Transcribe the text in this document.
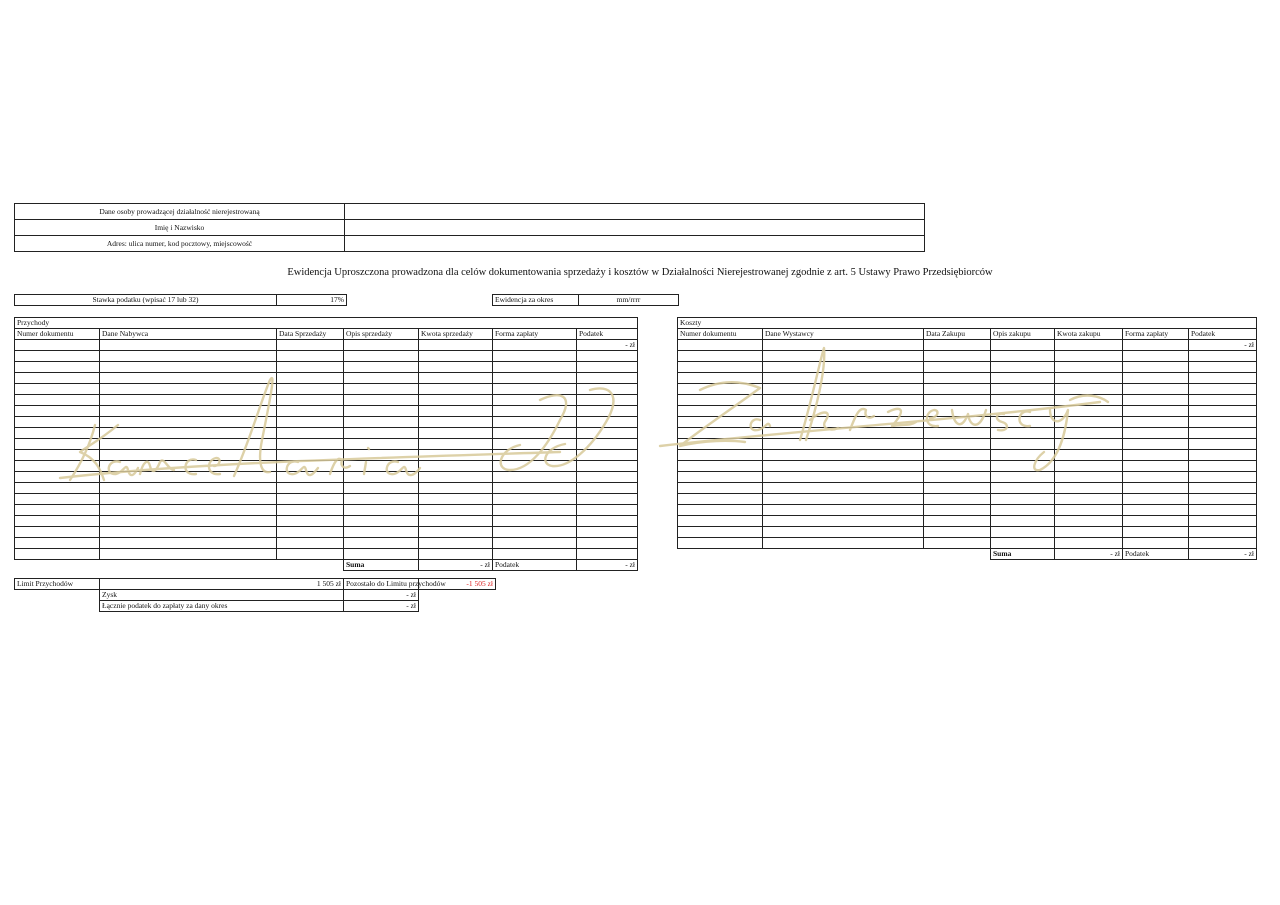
Dane osoby prowadzącej działalność nierejestrowaną	
Imię i Nazwisko	
Adres: ulica numer, kod pocztowy, miejscowość	
Ewidencja Uproszczona prowadzona dla celów dokumentowania sprzedaży i kosztów w Działalności Nierejestrowanej zgodnie z art. 5 Ustawy Prawo Przedsiębiorców
Stawka podatku (wpisać 17 lub 32)	17%	Ewidencja za okres	mm/rrrr
Przychody						
Numer dokumentu	Dane Nabywca	Data Sprzedaży	Opis sprzedaży	Kwota sprzedaży	Forma zapłaty	Podatek
						- zł

			Suma	- zł	Podatek	- zł
Koszty						
Numer dokumentu	Dane Wystawcy	Data Zakupu	Opis zakupu	Kwota zakupu	Forma zapłaty	Podatek
						- zł

			Suma	- zł	Podatek	- zł
Limit Przychodów	1 505 zł	Pozostało do Limitu przychodów	-1 505 zł
	Zysk	- zł	
	Łącznie podatek do zapłaty za dany okres	- zł	
